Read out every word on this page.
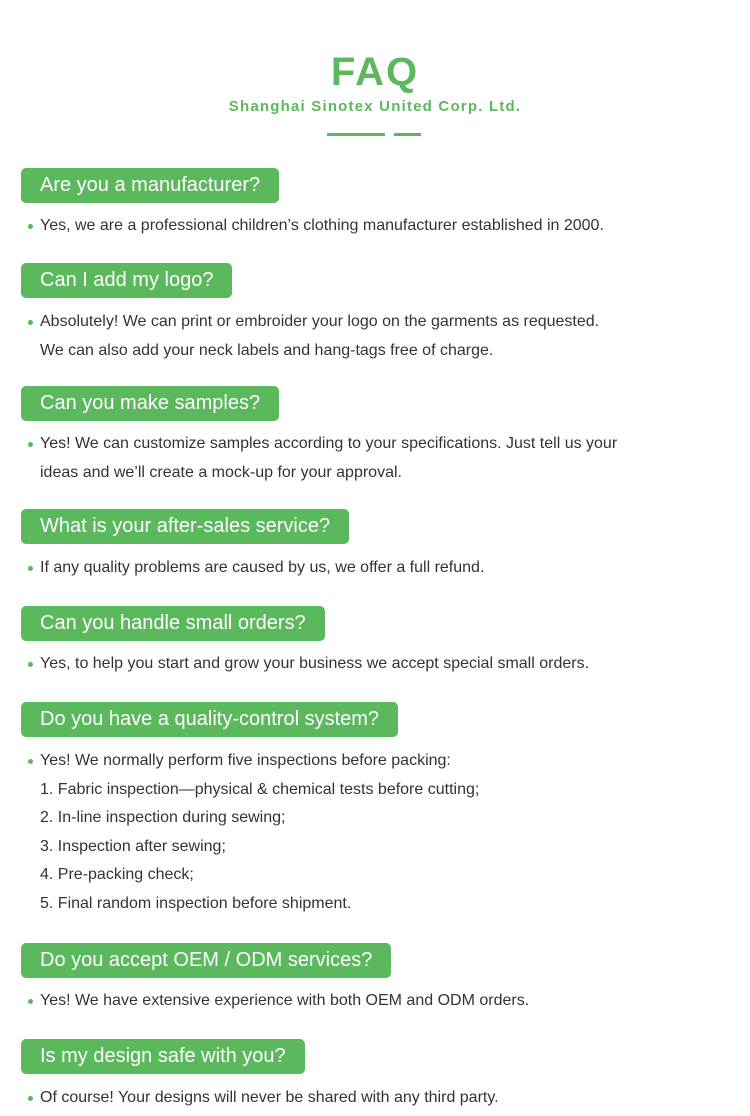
FAQ
Shanghai Sinotex United Corp. Ltd.
Are you a manufacturer?
Yes, we are a professional children’s clothing manufacturer established in 2000.
Can I add my logo?
Absolutely! We can print or embroider your logo on the garments as requested.
We can also add your neck labels and hang-tags free of charge.
Can you make samples?
Yes! We can customize samples according to your specifications. Just tell us your
ideas and we’ll create a mock-up for your approval.
What is your after-sales service?
If any quality problems are caused by us, we offer a full refund.
Can you handle small orders?
Yes, to help you start and grow your business we accept special small orders.
Do you have a quality-control system?
Yes! We normally perform five inspections before packing:
1. Fabric inspection—physical & chemical tests before cutting;
2. In-line inspection during sewing;
3. Inspection after sewing;
4. Pre-packing check;
5. Final random inspection before shipment.
Do you accept OEM / ODM services?
Yes! We have extensive experience with both OEM and ODM orders.
Is my design safe with you?
Of course! Your designs will never be shared with any third party.
